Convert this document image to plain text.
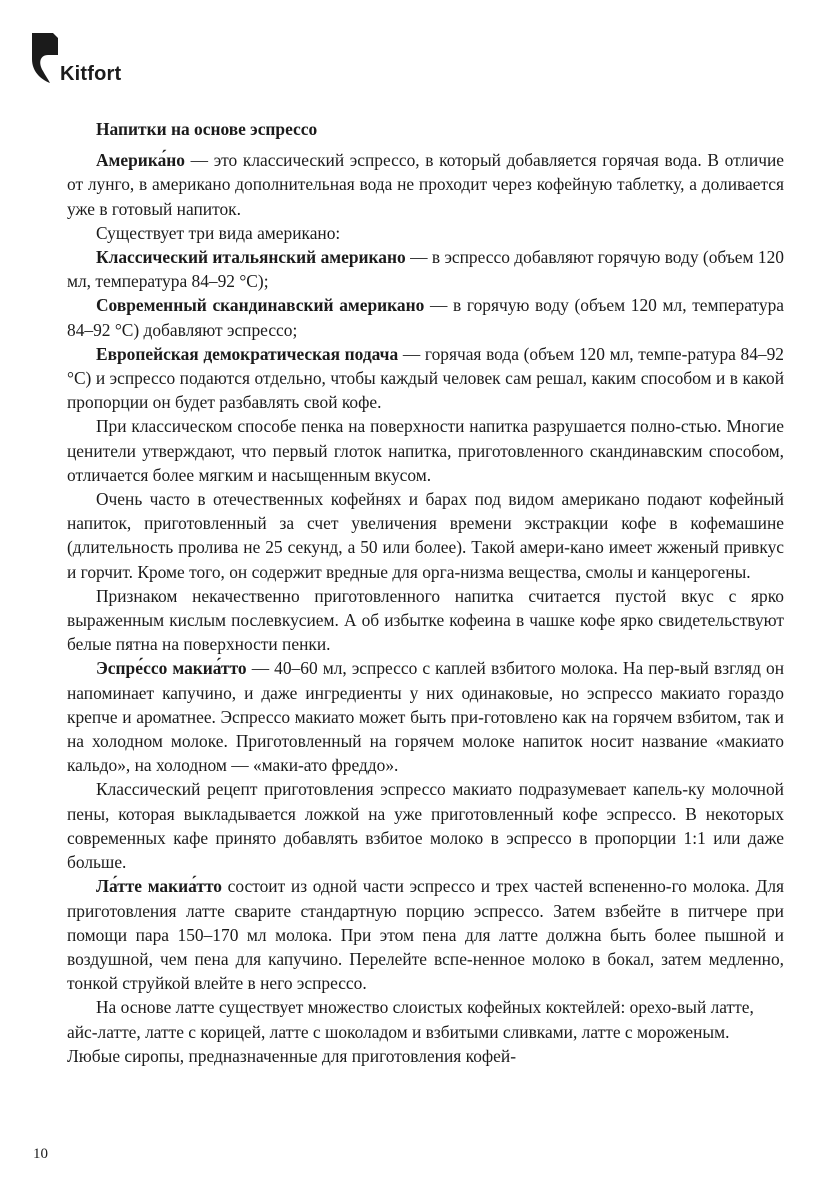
Kitfort
Напитки на основе эспрессо

Америка́но — это классический эспрессо, в который добавляется горячая вода. В отличие от лунго, в американо дополнительная вода не проходит через кофейную таблетку, а доливается уже в готовый напиток.

Существует три вида американо:

Классический итальянский американо — в эспрессо добавляют горячую воду (объем 120 мл, температура 84–92 °С);

Современный скандинавский американо — в горячую воду (объем 120 мл, температура 84–92 °С) добавляют эспрессо;

Европейская демократическая подача — горячая вода (объем 120 мл, темпе-ратура 84–92 °С) и эспрессо подаются отдельно, чтобы каждый человек сам решал, каким способом и в какой пропорции он будет разбавлять свой кофе.

При классическом способе пенка на поверхности напитка разрушается полно-стью. Многие ценители утверждают, что первый глоток напитка, приготовленного скандинавским способом, отличается более мягким и насыщенным вкусом.

Очень часто в отечественных кофейнях и барах под видом американо подают кофейный напиток, приготовленный за счет увеличения времени экстракции кофе в кофемашине (длительность пролива не 25 секунд, а 50 или более). Такой амери-кано имеет жженый привкус и горчит. Кроме того, он содержит вредные для орга-низма вещества, смолы и канцерогены.

Признаком некачественно приготовленного напитка считается пустой вкус с ярко выраженным кислым послевкусием. А об избытке кофеина в чашке кофе ярко свидетельствуют белые пятна на поверхности пенки.

Эспре́ссо макиа́тто — 40–60 мл, эспрессо с каплей взбитого молока. На пер-вый взгляд он напоминает капучино, и даже ингредиенты у них одинаковые, но эспрессо макиато гораздо крепче и ароматнее. Эспрессо макиато может быть при-готовлено как на горячем взбитом, так и на холодном молоке. Приготовленный на горячем молоке напиток носит название «макиато кальдо», на холодном — «маки-ато фреддо».

Классический рецепт приготовления эспрессо макиато подразумевает капель-ку молочной пены, которая выкладывается ложкой на уже приготовленный кофе эспрессо. В некоторых современных кафе принято добавлять взбитое молоко в эспрессо в пропорции 1:1 или даже больше.

Ла́тте макиа́тто состоит из одной части эспрессо и трех частей вспененно-го молока. Для приготовления латте сварите стандартную порцию эспрессо. Затем взбейте в питчере при помощи пара 150–170 мл молока. При этом пена для латте должна быть более пышной и воздушной, чем пена для капучино. Перелейте вспе-ненное молоко в бокал, затем медленно, тонкой струйкой влейте в него эспрессо.

На основе латте существует множество слоистых кофейных коктейлей: орехо-вый латте, айс-латте, латте с корицей, латте с шоколадом и взбитыми сливками, латте с мороженым. Любые сиропы, предназначенные для приготовления кофей-

10
